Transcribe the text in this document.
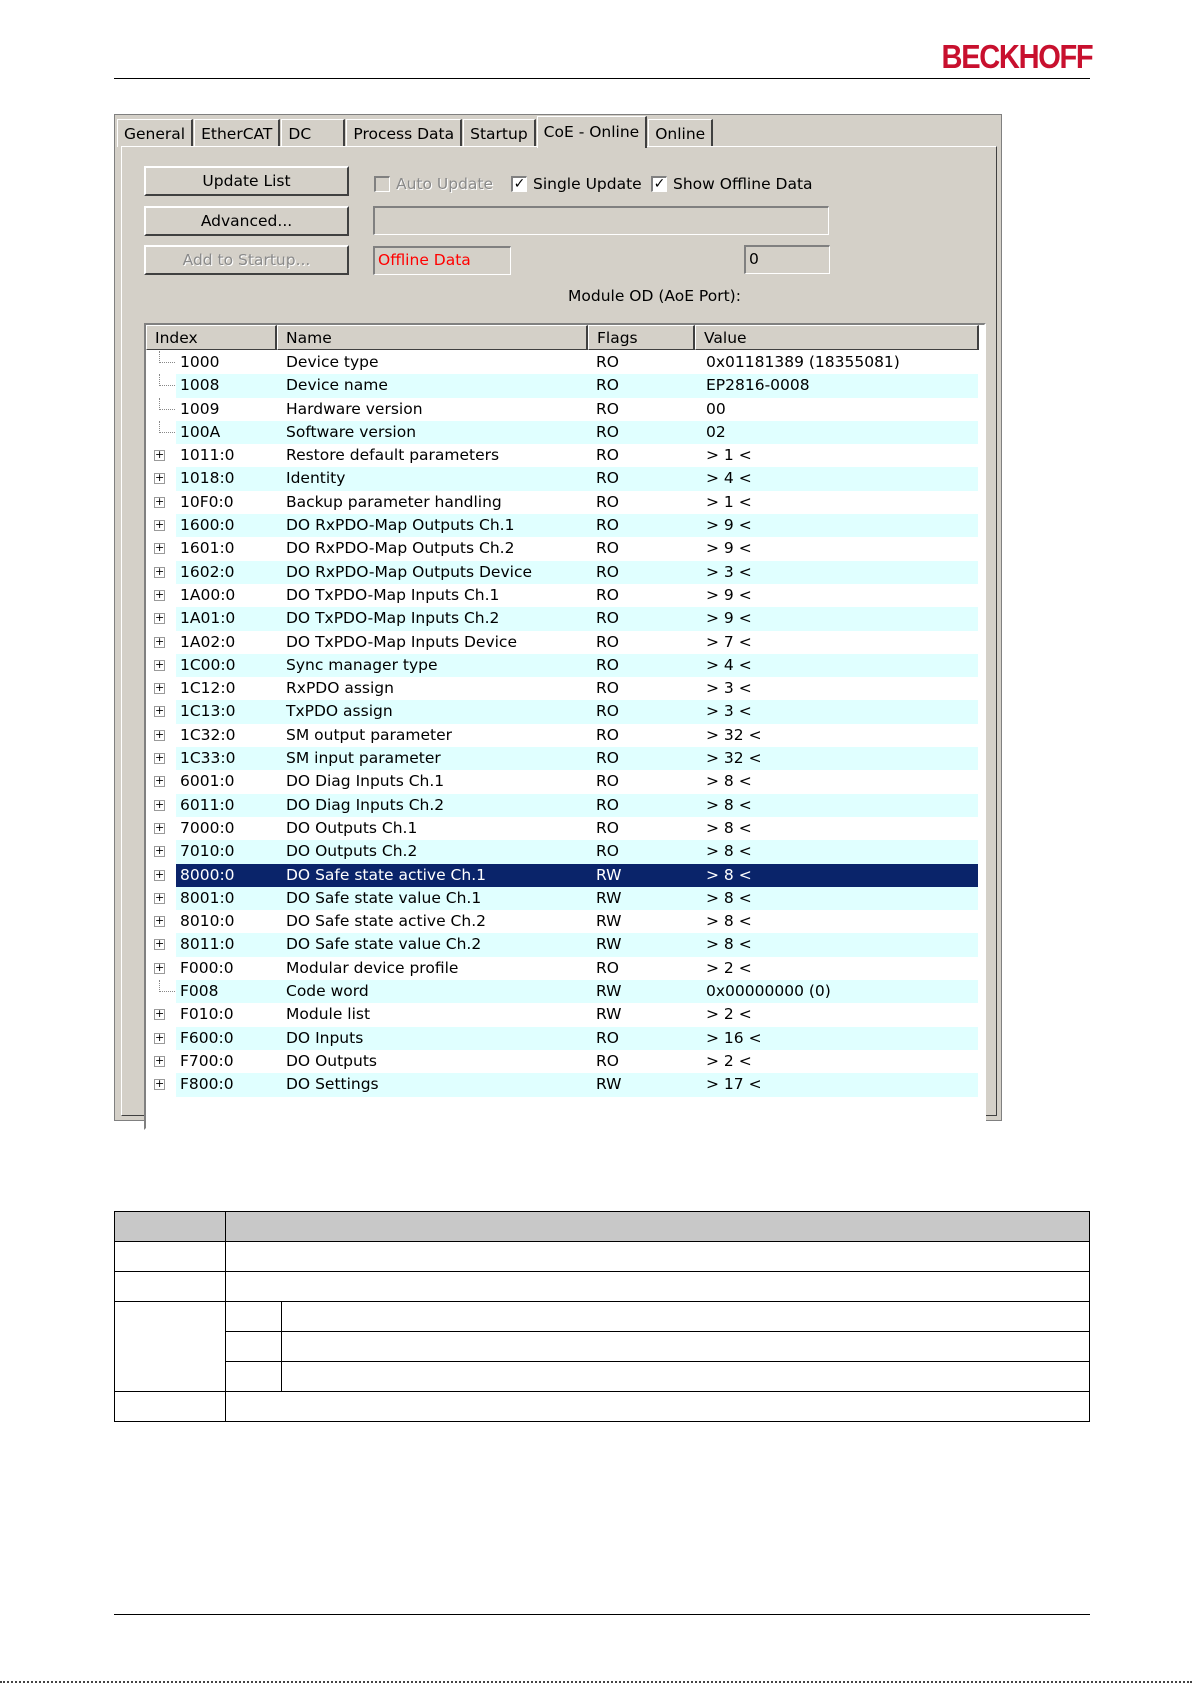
BECKHOFF
General	EtherCAT	DC	Process Data	Startup	CoE - Online	Online
Update List
Advanced...
Add to Startup...
Auto Update ✓ Single Update ✓ Show Offline Data
Offline Data
Module OD (AoE Port):
0
Index	Name	Flags	Value
1000	Device type	RO	0x01181389 (18355081)
1008	Device name	RO	EP2816-0008
1009	Hardware version	RO	00
100A	Software version	RO	02
+ 1011:0	Restore default parameters	RO	> 1 <
+ 1018:0	Identity	RO	> 4 <
+ 10F0:0	Backup parameter handling	RO	> 1 <
+ 1600:0	DO RxPDO-Map Outputs Ch.1	RO	> 9 <
+ 1601:0	DO RxPDO-Map Outputs Ch.2	RO	> 9 <
+ 1602:0	DO RxPDO-Map Outputs Device	RO	> 3 <
+ 1A00:0	DO TxPDO-Map Inputs Ch.1	RO	> 9 <
+ 1A01:0	DO TxPDO-Map Inputs Ch.2	RO	> 9 <
+ 1A02:0	DO TxPDO-Map Inputs Device	RO	> 7 <
+ 1C00:0	Sync manager type	RO	> 4 <
+ 1C12:0	RxPDO assign	RO	> 3 <
+ 1C13:0	TxPDO assign	RO	> 3 <
+ 1C32:0	SM output parameter	RO	> 32 <
+ 1C33:0	SM input parameter	RO	> 32 <
+ 6001:0	DO Diag Inputs Ch.1	RO	> 8 <
+ 6011:0	DO Diag Inputs Ch.2	RO	> 8 <
+ 7000:0	DO Outputs Ch.1	RO	> 8 <
+ 7010:0	DO Outputs Ch.2	RO	> 8 <
+ 8000:0	DO Safe state active Ch.1	RW	> 8 <
+ 8001:0	DO Safe state value Ch.1	RW	> 8 <
+ 8010:0	DO Safe state active Ch.2	RW	> 8 <
+ 8011:0	DO Safe state value Ch.2	RW	> 8 <
+ F000:0	Modular device profile	RO	> 2 <
F008	Code word	RW	0x00000000 (0)
+ F010:0	Module list	RW	> 2 <
+ F600:0	DO Inputs	RO	> 16 <
+ F700:0	DO Outputs	RO	> 2 <
+ F800:0	DO Settings	RW	> 17 <
